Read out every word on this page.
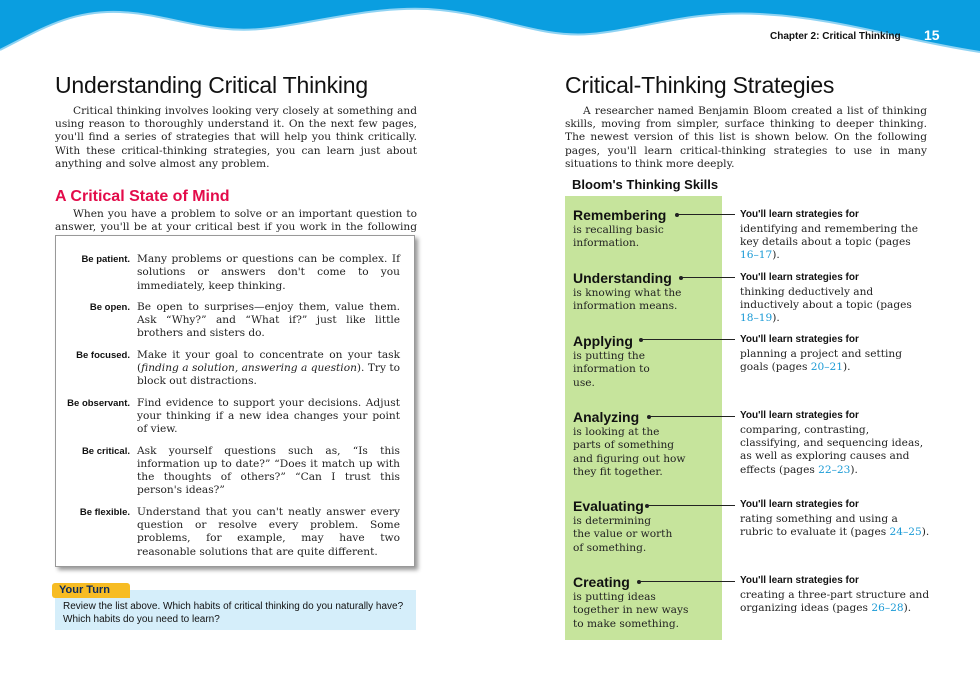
14	15
Chapter 2: Critical Thinking
Understanding Critical Thinking

Critical thinking involves looking very closely at something and using reason to thoroughly understand it. On the next few pages, you'll find a series of strategies that will help you think critically. With these critical-thinking strategies, you can learn just about anything and solve almost any problem.

A Critical State of Mind

When you have a problem to solve or an important question to answer, you'll be at your critical best if you work in the following

Be patient. Many problems or questions can be complex. If solutions or answers don't come to you immediately, keep thinking.
Be open. Be open to surprises—enjoy them, value them. Ask “Why?” and “What if?” just like little brothers and sisters do.
Be focused. Make it your goal to concentrate on your task (finding a solution, answering a question). Try to block out distractions.
Be observant. Find evidence to support your decisions. Adjust your thinking if a new idea changes your point of view.
Be critical. Ask yourself questions such as, “Is this information up to date?” “Does it match up with the thoughts of others?” “Can I trust this person's ideas?”
Be flexible. Understand that you can't neatly answer every question or resolve every problem. Some problems, for example, may have two reasonable solutions that are quite different.
Your Turn
Review the list above. Which habits of critical thinking do you naturally have? Which habits do you need to learn?
Critical-Thinking Strategies

A researcher named Benjamin Bloom created a list of thinking skills, moving from simpler, surface thinking to deeper thinking. The newest version of this list is shown below. On the following pages, you'll learn critical-thinking strategies to use in many situations to think more deeply.

Bloom's Thinking Skills
Remembering
is recalling basic
information.
Understanding
is knowing what the
information means.
Applying
is putting the
information to
use.
Analyzing
is looking at the
parts of something
and figuring out how
they fit together.
Evaluating
is determining
the value or worth
of something.
Creating
is putting ideas
together in new ways
to make something.
You'll learn strategies for
identifying and remembering the key details about a topic (pages 16–17).
You'll learn strategies for
thinking deductively and inductively about a topic (pages 18–19).
You'll learn strategies for
planning a project and setting goals (pages 20–21).
You'll learn strategies for
comparing, contrasting, classifying, and sequencing ideas, as well as exploring causes and effects (pages 22–23).
You'll learn strategies for
rating something and using a rubric to evaluate it (pages 24–25).
You'll learn strategies for
creating a three-part structure and organizing ideas (pages 26–28).
